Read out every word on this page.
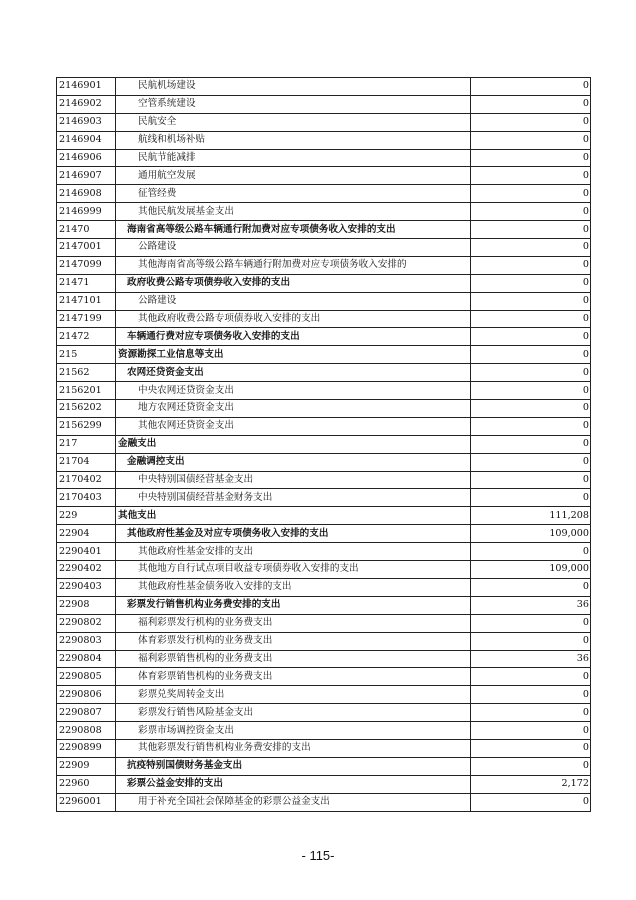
2146901	民航机场建设	0
2146902	空管系统建设	0
2146903	民航安全	0
2146904	航线和机场补贴	0
2146906	民航节能减排	0
2146907	通用航空发展	0
2146908	征管经费	0
2146999	其他民航发展基金支出	0
21470	海南省高等级公路车辆通行附加费对应专项债务收入安排的支出	0
2147001	公路建设	0
2147099	其他海南省高等级公路车辆通行附加费对应专项债务收入安排的	0
21471	政府收费公路专项债券收入安排的支出	0
2147101	公路建设	0
2147199	其他政府收费公路专项债券收入安排的支出	0
21472	车辆通行费对应专项债务收入安排的支出	0
215	资源勘探工业信息等支出	0
21562	农网还贷资金支出	0
2156201	中央农网还贷资金支出	0
2156202	地方农网还贷资金支出	0
2156299	其他农网还贷资金支出	0
217	金融支出	0
21704	金融调控支出	0
2170402	中央特别国债经营基金支出	0
2170403	中央特别国债经营基金财务支出	0
229	其他支出	111,208
22904	其他政府性基金及对应专项债务收入安排的支出	109,000
2290401	其他政府性基金安排的支出	0
2290402	其他地方自行试点项目收益专项债券收入安排的支出	109,000
2290403	其他政府性基金债务收入安排的支出	0
22908	彩票发行销售机构业务费安排的支出	36
2290802	福利彩票发行机构的业务费支出	0
2290803	体育彩票发行机构的业务费支出	0
2290804	福利彩票销售机构的业务费支出	36
2290805	体育彩票销售机构的业务费支出	0
2290806	彩票兑奖周转金支出	0
2290807	彩票发行销售风险基金支出	0
2290808	彩票市场调控资金支出	0
2290899	其他彩票发行销售机构业务费安排的支出	0
22909	抗疫特别国债财务基金支出	0
22960	彩票公益金安排的支出	2,172
2296001	用于补充全国社会保障基金的彩票公益金支出	0
- 115-
